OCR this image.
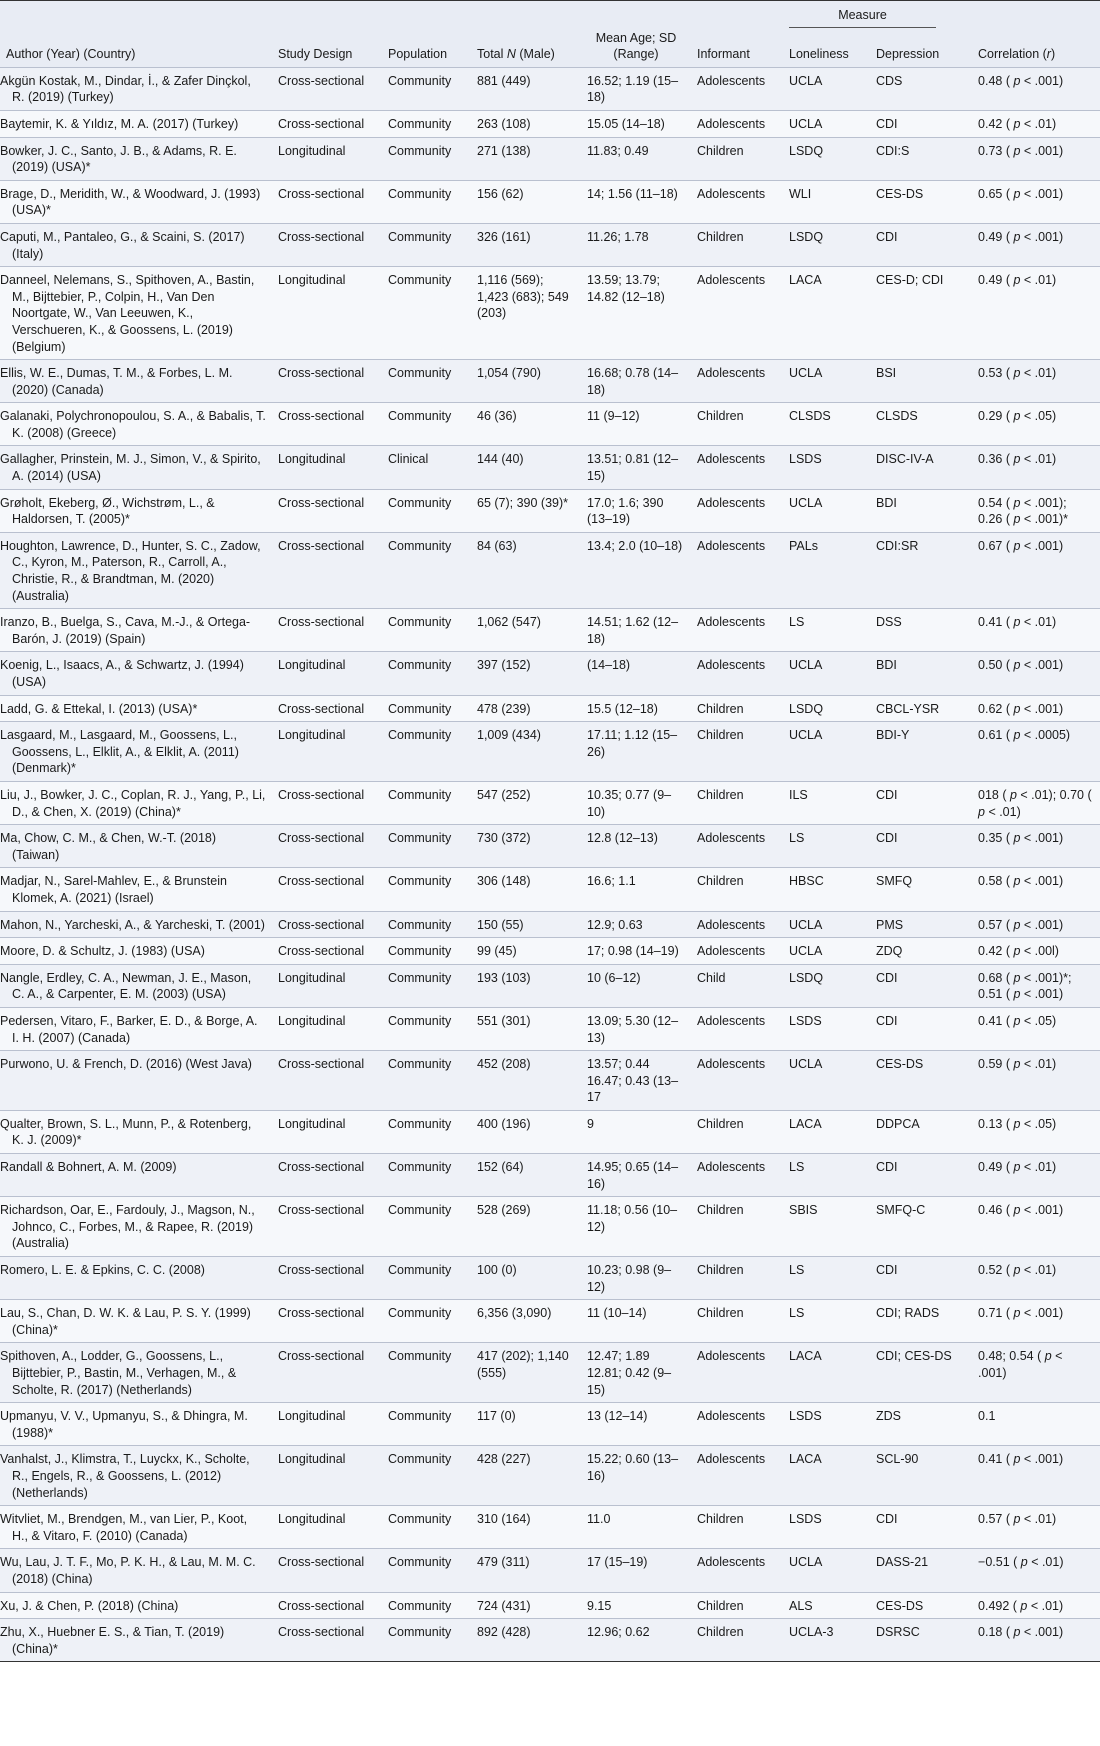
						Measure		

Author (Year) (Country)	Study Design	Population	Total N (Male)	Mean Age; SD (Range)	Informant	Loneliness	Depression	Correlation (r)
Akgün Kostak, M., Dindar, İ., & Zafer Dinçkol, R. (2019) (Turkey)	Cross-sectional	Community	881 (449)	16.52; 1.19 (15–18)	Adolescents	UCLA	CDS	0.48 ( p < .001)
Baytemir, K. & Yıldız, M. A. (2017) (Turkey)	Cross-sectional	Community	263 (108)	15.05 (14–18)	Adolescents	UCLA	CDI	0.42 ( p < .01)
Bowker, J. C., Santo, J. B., & Adams, R. E. (2019) (USA)*	Longitudinal	Community	271 (138)	11.83; 0.49	Children	LSDQ	CDI:S	0.73 ( p < .001)
Brage, D., Meridith, W., & Woodward, J. (1993) (USA)*	Cross-sectional	Community	156 (62)	14; 1.56 (11–18)	Adolescents	WLI	CES-DS	0.65 ( p < .001)
Caputi, M., Pantaleo, G., & Scaini, S. (2017) (Italy)	Cross-sectional	Community	326 (161)	11.26; 1.78	Children	LSDQ	CDI	0.49 ( p < .001)
Danneel, Nelemans, S., Spithoven, A., Bastin, M., Bijttebier, P., Colpin, H., Van Den Noortgate, W., Van Leeuwen, K., Verschueren, K., & Goossens, L. (2019) (Belgium)	Longitudinal	Community	1,116 (569); 1,423 (683); 549 (203)	13.59; 13.79; 14.82 (12–18)	Adolescents	LACA	CES-D; CDI	0.49 ( p < .01)
Ellis, W. E., Dumas, T. M., & Forbes, L. M. (2020) (Canada)	Cross-sectional	Community	1,054 (790)	16.68; 0.78 (14–18)	Adolescents	UCLA	BSI	0.53 ( p < .01)
Galanaki, Polychronopoulou, S. A., & Babalis, T. K. (2008) (Greece)	Cross-sectional	Community	46 (36)	11 (9–12)	Children	CLSDS	CLSDS	0.29 ( p < .05)
Gallagher, Prinstein, M. J., Simon, V., & Spirito, A. (2014) (USA)	Longitudinal	Clinical	144 (40)	13.51; 0.81 (12–15)	Adolescents	LSDS	DISC-IV-A	0.36 ( p < .01)
Grøholt, Ekeberg, Ø., Wichstrøm, L., & Haldorsen, T. (2005)*	Cross-sectional	Community	65 (7); 390 (39)*	17.0; 1.6; 390 (13–19)	Adolescents	UCLA	BDI	0.54 ( p < .001); 0.26 ( p < .001)*
Houghton, Lawrence, D., Hunter, S. C., Zadow, C., Kyron, M., Paterson, R., Carroll, A., Christie, R., & Brandtman, M. (2020) (Australia)	Cross-sectional	Community	84 (63)	13.4; 2.0 (10–18)	Adolescents	PALs	CDI:SR	0.67 ( p < .001)
Iranzo, B., Buelga, S., Cava, M.-J., & Ortega-Barón, J. (2019) (Spain)	Cross-sectional	Community	1,062 (547)	14.51; 1.62 (12–18)	Adolescents	LS	DSS	0.41 ( p < .01)
Koenig, L., Isaacs, A., & Schwartz, J. (1994) (USA)	Longitudinal	Community	397 (152)	(14–18)	Adolescents	UCLA	BDI	0.50 ( p < .001)
Ladd, G. & Ettekal, I. (2013) (USA)*	Cross-sectional	Community	478 (239)	15.5 (12–18)	Children	LSDQ	CBCL-YSR	0.62 ( p < .001)
Lasgaard, M., Lasgaard, M., Goossens, L., Goossens, L., Elklit, A., & Elklit, A. (2011) (Denmark)*	Longitudinal	Community	1,009 (434)	17.11; 1.12 (15–26)	Children	UCLA	BDI-Y	0.61 ( p < .0005)
Liu, J., Bowker, J. C., Coplan, R. J., Yang, P., Li, D., & Chen, X. (2019) (China)*	Cross-sectional	Community	547 (252)	10.35; 0.77 (9–10)	Children	ILS	CDI	018 ( p < .01); 0.70 ( p < .01)
Ma, Chow, C. M., & Chen, W.-T. (2018) (Taiwan)	Cross-sectional	Community	730 (372)	12.8 (12–13)	Adolescents	LS	CDI	0.35 ( p < .001)
Madjar, N., Sarel-Mahlev, E., & Brunstein Klomek, A. (2021) (Israel)	Cross-sectional	Community	306 (148)	16.6; 1.1	Children	HBSC	SMFQ	0.58 ( p < .001)
Mahon, N., Yarcheski, A., & Yarcheski, T. (2001)	Cross-sectional	Community	150 (55)	12.9; 0.63	Adolescents	UCLA	PMS	0.57 ( p < .001)
Moore, D. & Schultz, J. (1983) (USA)	Cross-sectional	Community	99 (45)	17; 0.98 (14–19)	Adolescents	UCLA	ZDQ	0.42 ( p < .00l)
Nangle, Erdley, C. A., Newman, J. E., Mason, C. A., & Carpenter, E. M. (2003) (USA)	Longitudinal	Community	193 (103)	10 (6–12)	Child	LSDQ	CDI	0.68 ( p < .001)*; 0.51 ( p < .001)
Pedersen, Vitaro, F., Barker, E. D., & Borge, A. I. H. (2007) (Canada)	Longitudinal	Community	551 (301)	13.09; 5.30 (12–13)	Adolescents	LSDS	CDI	0.41 ( p < .05)
Purwono, U. & French, D. (2016) (West Java)	Cross-sectional	Community	452 (208)	13.57; 0.44 16.47; 0.43 (13–17	Adolescents	UCLA	CES-DS	0.59 ( p < .01)
Qualter, Brown, S. L., Munn, P., & Rotenberg, K. J. (2009)*	Longitudinal	Community	400 (196)	9	Children	LACA	DDPCA	0.13 ( p < .05)
Randall & Bohnert, A. M. (2009)	Cross-sectional	Community	152 (64)	14.95; 0.65 (14–16)	Adolescents	LS	CDI	0.49 ( p < .01)
Richardson, Oar, E., Fardouly, J., Magson, N., Johnco, C., Forbes, M., & Rapee, R. (2019) (Australia)	Cross-sectional	Community	528 (269)	11.18; 0.56 (10–12)	Children	SBIS	SMFQ-C	0.46 ( p < .001)
Romero, L. E. & Epkins, C. C. (2008)	Cross-sectional	Community	100 (0)	10.23; 0.98 (9–12)	Children	LS	CDI	0.52 ( p < .01)
Lau, S., Chan, D. W. K. & Lau, P. S. Y. (1999) (China)*	Cross-sectional	Community	6,356 (3,090)	11 (10–14)	Children	LS	CDI; RADS	0.71 ( p < .001)
Spithoven, A., Lodder, G., Goossens, L., Bijttebier, P., Bastin, M., Verhagen, M., & Scholte, R. (2017) (Netherlands)	Cross-sectional	Community	417 (202); 1,140 (555)	12.47; 1.89 12.81; 0.42 (9–15)	Adolescents	LACA	CDI; CES-DS	0.48; 0.54 ( p < .001)
Upmanyu, V. V., Upmanyu, S., & Dhingra, M. (1988)*	Longitudinal	Community	117 (0)	13 (12–14)	Adolescents	LSDS	ZDS	0.1
Vanhalst, J., Klimstra, T., Luyckx, K., Scholte, R., Engels, R., & Goossens, L. (2012) (Netherlands)	Longitudinal	Community	428 (227)	15.22; 0.60 (13–16)	Adolescents	LACA	SCL-90	0.41 ( p < .001)
Witvliet, M., Brendgen, M., van Lier, P., Koot, H., & Vitaro, F. (2010) (Canada)	Longitudinal	Community	310 (164)	11.0	Children	LSDS	CDI	0.57 ( p < .01)
Wu, Lau, J. T. F., Mo, P. K. H., & Lau, M. M. C. (2018) (China)	Cross-sectional	Community	479 (311)	17 (15–19)	Adolescents	UCLA	DASS-21	−0.51 ( p < .01)
Xu, J. & Chen, P. (2018) (China)	Cross-sectional	Community	724 (431)	9.15	Children	ALS	CES-DS	0.492 ( p < .01)
Zhu, X., Huebner E. S., & Tian, T. (2019) (China)*	Cross-sectional	Community	892 (428)	12.96; 0.62	Children	UCLA-3	DSRSC	0.18 ( p < .001)
